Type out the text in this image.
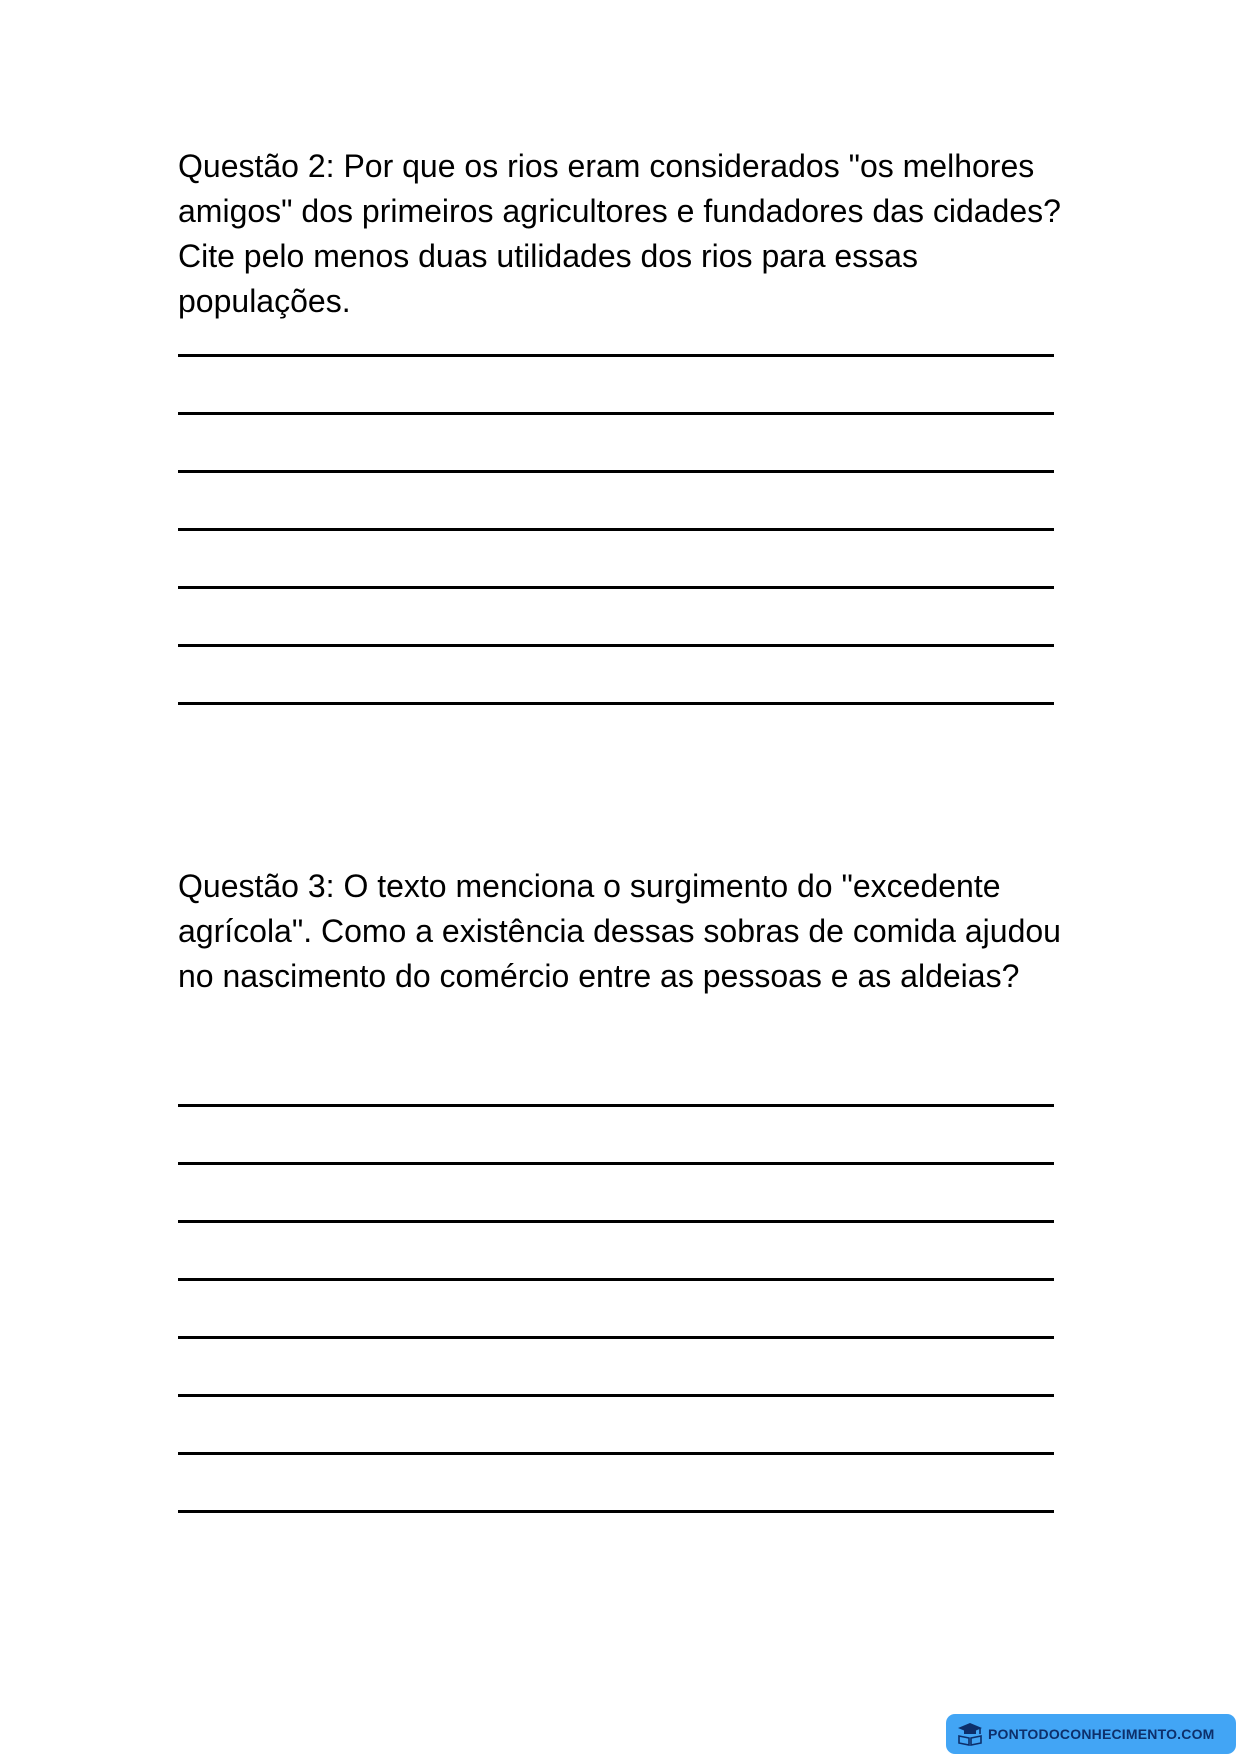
Questão 2: Por que os rios eram considerados "os melhores amigos" dos primeiros agricultores e fundadores das cidades? Cite pelo menos duas utilidades dos rios para essas populações.

Questão 3: O texto menciona o surgimento do "excedente agrícola". Como a existência dessas sobras de comida ajudou no nascimento do comércio entre as pessoas e as aldeias?

PONTODOCONHECIMENTO.COM
